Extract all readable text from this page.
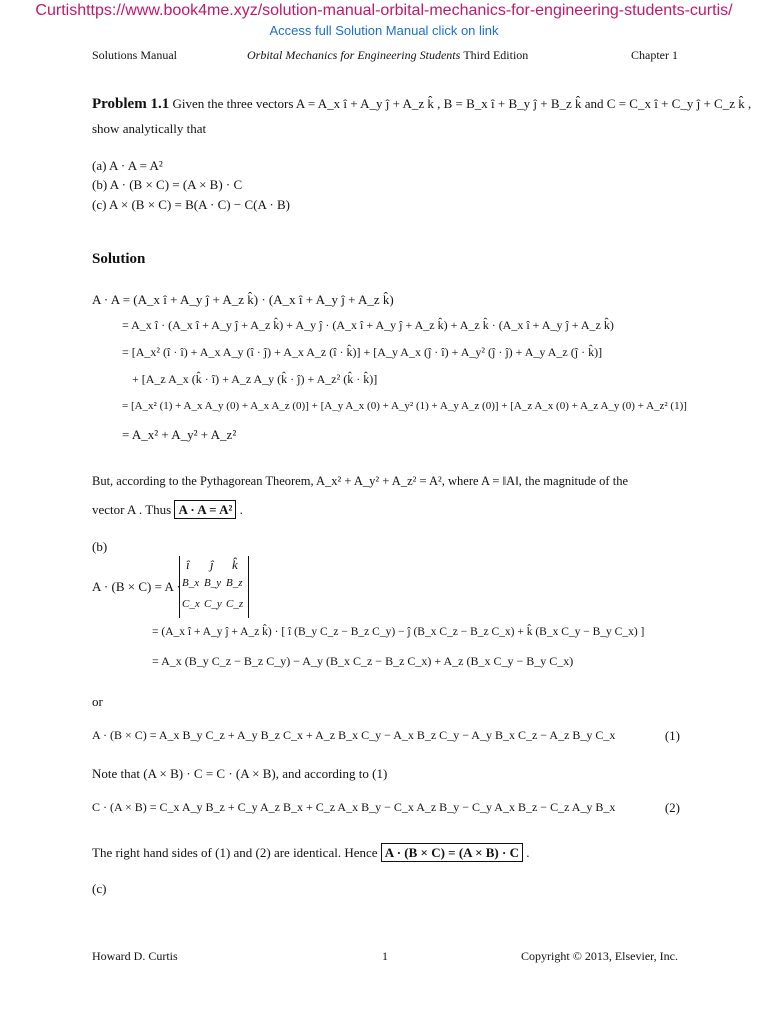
Curtishttps://www.book4me.xyz/solution-manual-orbital-mechanics-for-engineering-students-curtis/
Access full Solution Manual click on link
Solutions Manual	Orbital Mechanics for Engineering Students Third Edition	Chapter 1
Problem 1.1 Given the three vectors A = A_x î + A_y ĵ + A_z k̂ , B = B_x î + B_y ĵ + B_z k̂ and C = C_x î + C_y ĵ + C_z k̂ ,
show analytically that
(a) A · A = A²
(b) A · (B × C) = (A × B) · C
(c) A × (B × C) = B(A · C) − C(A · B)
Solution
A · A = (A_x î + A_y ĵ + A_z k̂) · (A_x î + A_y ĵ + A_z k̂)
= A_x î · (A_x î + A_y ĵ + A_z k̂) + A_y ĵ · (A_x î + A_y ĵ + A_z k̂) + A_z k̂ · (A_x î + A_y ĵ + A_z k̂)
= [A_x² (î · î) + A_x A_y (î · ĵ) + A_x A_z (î · k̂)] + [A_y A_x (ĵ · î) + A_y² (ĵ · ĵ) + A_y A_z (ĵ · k̂)]
+ [A_z A_x (k̂ · î) + A_z A_y (k̂ · ĵ) + A_z² (k̂ · k̂)]
= [A_x² (1) + A_x A_y (0) + A_x A_z (0)] + [A_y A_x (0) + A_y² (1) + A_y A_z (0)] + [A_z A_x (0) + A_z A_y (0) + A_z² (1)]
= A_x² + A_y² + A_z²
But, according to the Pythagorean Theorem, A_x² + A_y² + A_z² = A², where A = ‖A‖, the magnitude of the
vector A . Thus A · A = A² .
(b)
A · (B × C) = A ·
î ĵ k̂
B_x B_y B_z
C_x C_y C_z
= (A_x î + A_y ĵ + A_z k̂) · [ î (B_y C_z − B_z C_y) − ĵ (B_x C_z − B_z C_x) + k̂ (B_x C_y − B_y C_x) ]
= A_x (B_y C_z − B_z C_y) − A_y (B_x C_z − B_z C_x) + A_z (B_x C_y − B_y C_x)
or
A · (B × C) = A_x B_y C_z + A_y B_z C_x + A_z B_x C_y − A_x B_z C_y − A_y B_x C_z − A_z B_y C_x	(1)
Note that (A × B) · C = C · (A × B), and according to (1)
C · (A × B) = C_x A_y B_z + C_y A_z B_x + C_z A_x B_y − C_x A_z B_y − C_y A_x B_z − C_z A_y B_x	(2)
The right hand sides of (1) and (2) are identical. Hence A · (B × C) = (A × B) · C .
(c)
Howard D. Curtis	1	Copyright © 2013, Elsevier, Inc.
